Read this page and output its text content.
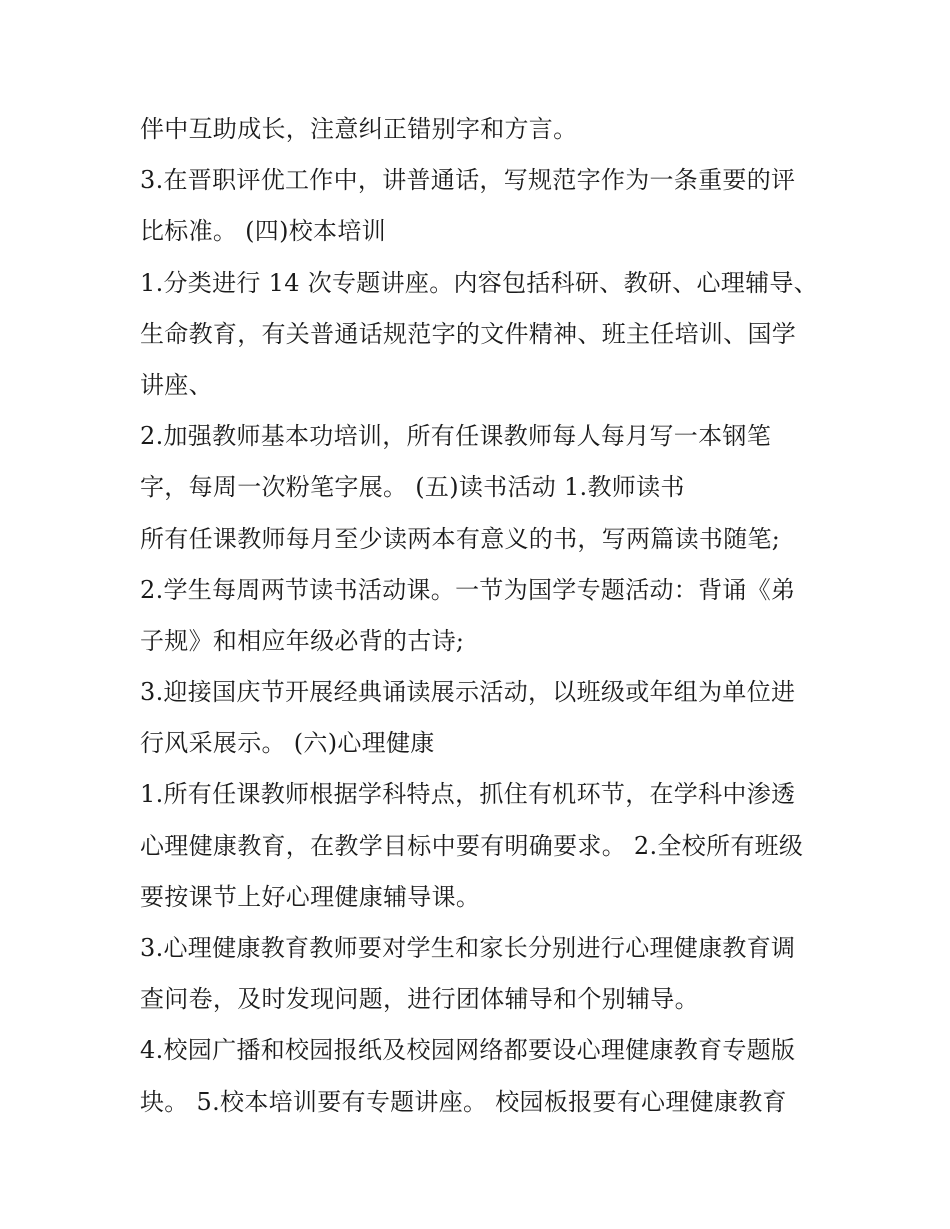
伴中互助成长，注意纠正错别字和方言。
3.在晋职评优工作中，讲普通话，写规范字作为一条重要的评
比标准。 (四)校本培训
1.分类进行 14 次专题讲座。内容包括科研、教研、心理辅导、
生命教育，有关普通话规范字的文件精神、班主任培训、国学
讲座、
2.加强教师基本功培训，所有任课教师每人每月写一本钢笔
字，每周一次粉笔字展。 (五)读书活动 1.教师读书
所有任课教师每月至少读两本有意义的书，写两篇读书随笔;
2.学生每周两节读书活动课。一节为国学专题活动：背诵《弟
子规》和相应年级必背的古诗;
3.迎接国庆节开展经典诵读展示活动，以班级或年组为单位进
行风采展示。 (六)心理健康
1.所有任课教师根据学科特点，抓住有机环节，在学科中渗透
心理健康教育，在教学目标中要有明确要求。 2.全校所有班级
要按课节上好心理健康辅导课。
3.心理健康教育教师要对学生和家长分别进行心理健康教育调
查问卷，及时发现问题，进行团体辅导和个别辅导。
4.校园广播和校园报纸及校园网络都要设心理健康教育专题版
块。 5.校本培训要有专题讲座。 校园板报要有心理健康教育
